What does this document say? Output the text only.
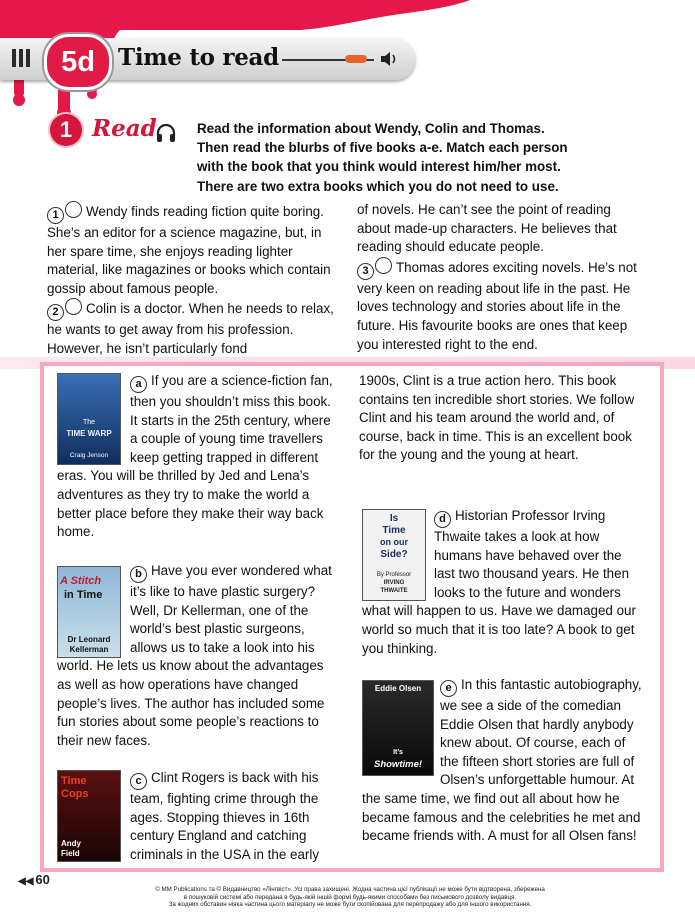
5d	Time to read
1 Read	Read the information about Wendy, Colin and Thomas.
Then read the blurbs of five books a-e. Match each person
with the book that you think would interest him/her most.
There are two extra books which you do not need to use.
1 Wendy finds reading fiction quite boring. She’s an editor for a science magazine, but, in her spare time, she enjoys reading lighter material, like magazines or books which contain gossip about famous people.
2 Colin is a doctor. When he needs to relax, he wants to get away from his profession. However, he isn’t particularly fond
of novels. He can’t see the point of reading about made-up characters. He believes that reading should educate people.
3 Thomas adores exciting novels. He’s not very keen on reading about life in the past. He loves technology and stories about life in the future. His favourite books are ones that keep you interested right to the end.
The
TIME WARP
Craig Jenson
a If you are a science-fiction fan, then you shouldn’t miss this book. It starts in the 25th century, where a couple of young time travellers keep getting trapped in different eras. You will be thrilled by Jed and Lena’s adventures as they try to make the world a better place before they make their way back home.
A Stitch
in Time
Dr Leonard
Kellerman
b Have you ever wondered what it’s like to have plastic surgery? Well, Dr Kellerman, one of the world’s best plastic surgeons, allows us to take a look into his world. He lets us know about the advantages as well as how operations have changed people’s lives. The author has included some fun stories about some people’s reactions to their new faces.
Time
Cops
Andy
Field
c Clint Rogers is back with his team, fighting crime through the ages. Stopping thieves in 16th century England and catching criminals in the USA in the early
1900s, Clint is a true action hero. This book contains ten incredible short stories. We follow Clint and his team around the world and, of course, back in time. This is an excellent book for the young and the young at heart.
Is
Time
on our
Side?
By Professor
IRVING
THWAITE
d Historian Professor Irving Thwaite takes a look at how humans have behaved over the last two thousand years. He then looks to the future and wonders what will happen to us. Have we damaged our world so much that it is too late? A book to get you thinking.
Eddie Olsen
It’s
Showtime!
e In this fantastic autobiography, we see a side of the comedian Eddie Olsen that hardly anybody knew about. Of course, each of the fifteen short stories are full of Olsen’s unforgettable humour. At the same time, we find out all about how he became famous and the celebrities he met and became friends with. A must for all Olsen fans!
◀◀ 60
© MM Publications та © Видавництво «Лінгвіст». Усі права захищені. Жодна частина цієї публікації не може бути відтворена, збережена
в пошуковій системі або передана в будь-якій іншій формі будь-якими способами без письмового дозволу видавця.
За жодних обставин ніяка частина цього матеріалу не може бути скопійована для перепродажу або для іншого використання.
